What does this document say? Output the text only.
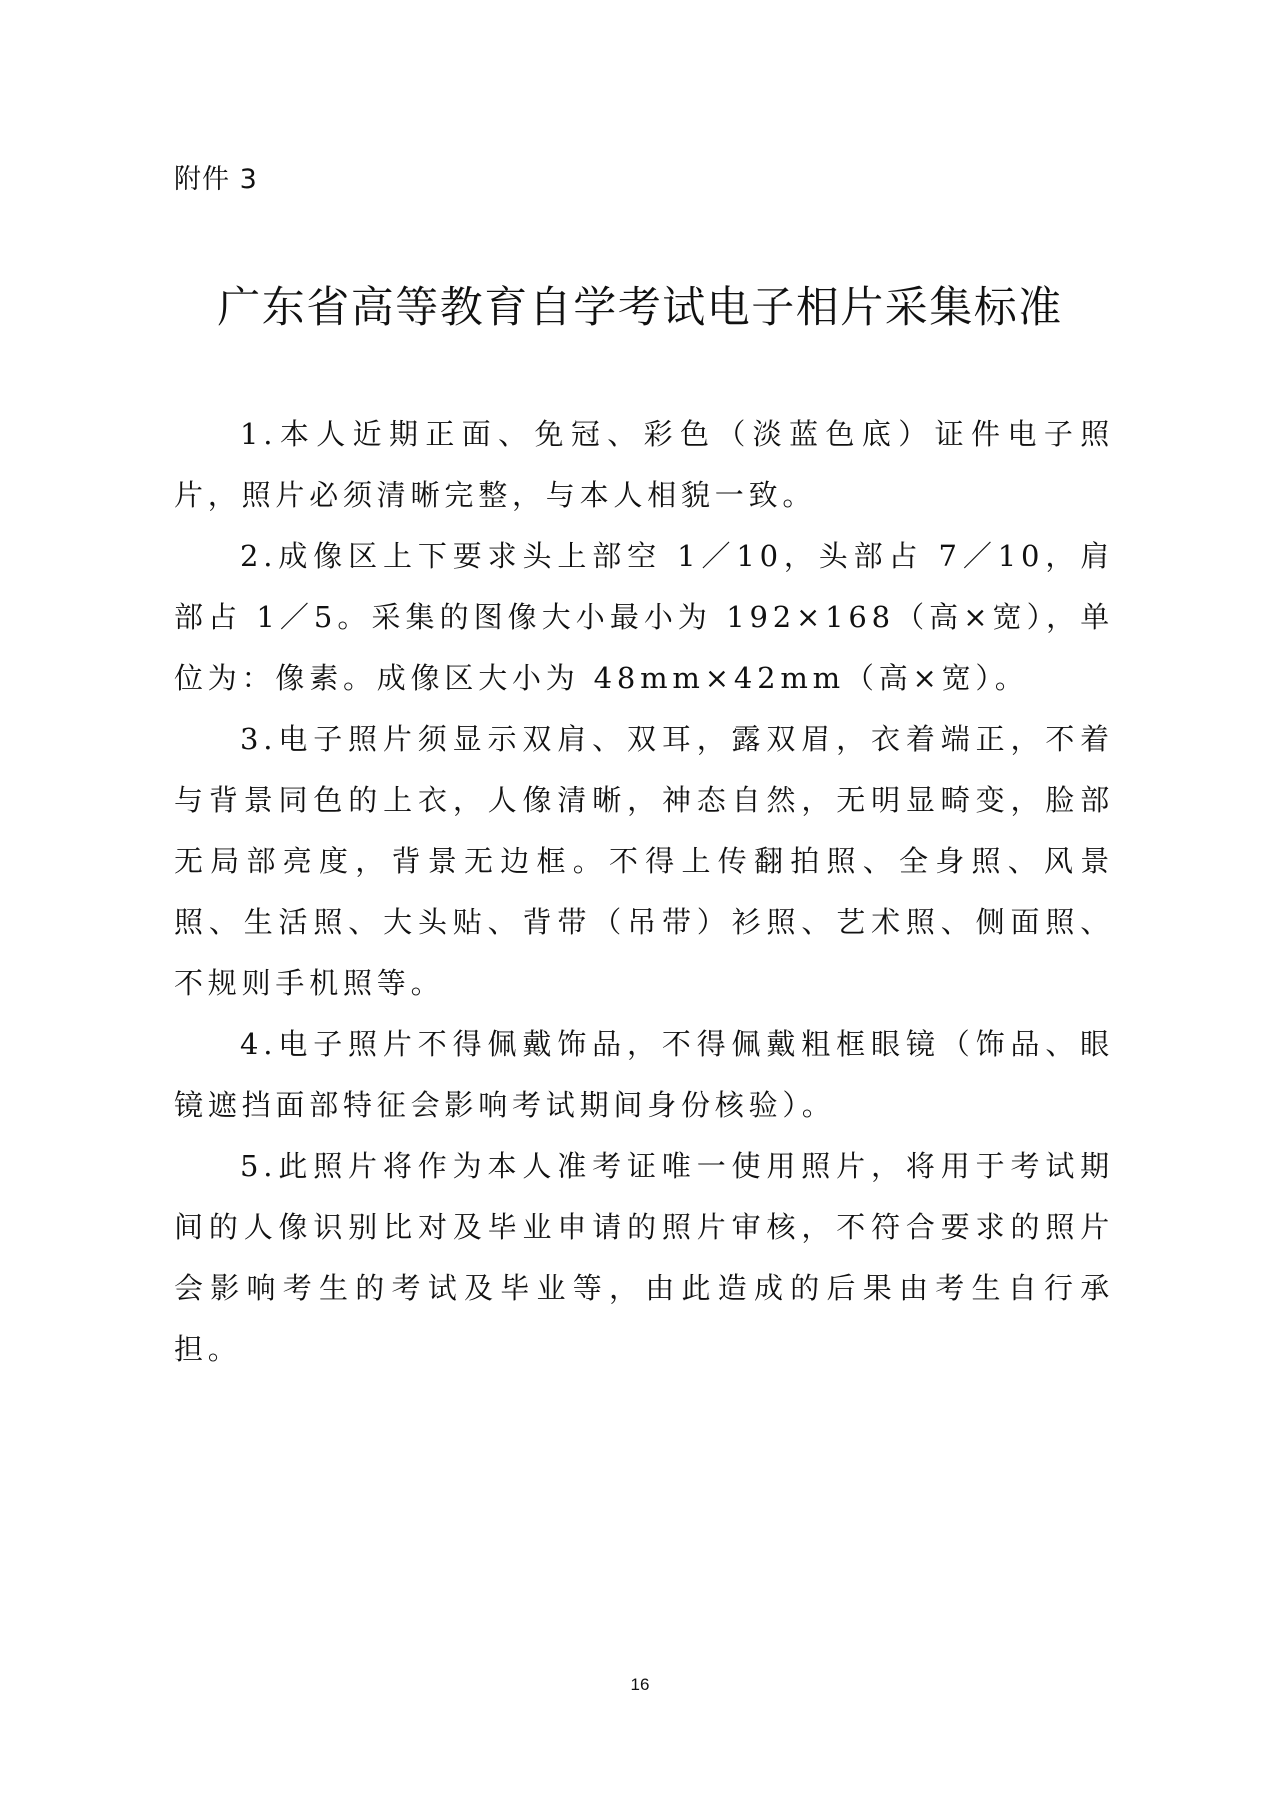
附件 3
广东省高等教育自学考试电子相片采集标准

1.本人近期正面、免冠、彩色（淡蓝色底）证件电子照片，照片必须清晰完整，与本人相貌一致。

2.成像区上下要求头上部空 1／10，头部占 7／10，肩部占 1／5。采集的图像大小最小为 192×168（高×宽），单位为：像素。成像区大小为 48mm×42mm（高×宽）。

3.电子照片须显示双肩、双耳，露双眉，衣着端正，不着与背景同色的上衣，人像清晰，神态自然，无明显畸变，脸部无局部亮度，背景无边框。不得上传翻拍照、全身照、风景照、生活照、大头贴、背带（吊带）衫照、艺术照、侧面照、不规则手机照等。

4.电子照片不得佩戴饰品，不得佩戴粗框眼镜（饰品、眼镜遮挡面部特征会影响考试期间身份核验）。

5.此照片将作为本人准考证唯一使用照片，将用于考试期间的人像识别比对及毕业申请的照片审核，不符合要求的照片会影响考生的考试及毕业等，由此造成的后果由考生自行承担。

16
